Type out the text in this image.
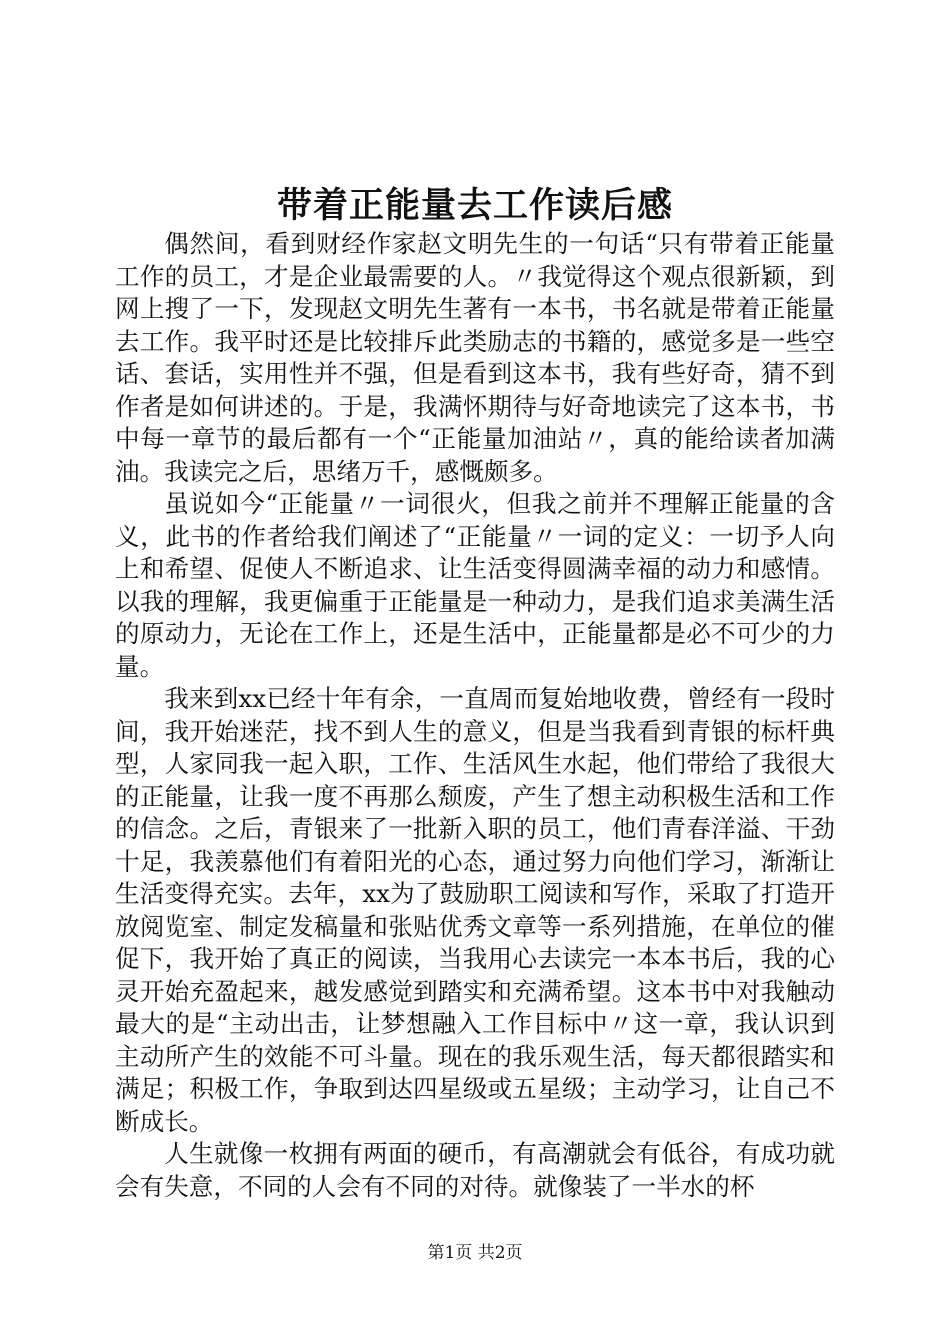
带着正能量去工作读后感

偶然间，看到财经作家赵文明先生的一句话“只有带着正能量工作的员工，才是企业最需要的人。〃我觉得这个观点很新颖，到网上搜了一下，发现赵文明先生著有一本书，书名就是带着正能量去工作。我平时还是比较排斥此类励志的书籍的，感觉多是一些空话、套话，实用性并不强，但是看到这本书，我有些好奇，猜不到作者是如何讲述的。于是，我满怀期待与好奇地读完了这本书，书中每一章节的最后都有一个“正能量加油站〃，真的能给读者加满油。我读完之后，思绪万千，感慨颇多。

虽说如今“正能量〃一词很火，但我之前并不理解正能量的含义，此书的作者给我们阐述了“正能量〃一词的定义：一切予人向上和希望、促使人不断追求、让生活变得圆满幸福的动力和感情。以我的理解，我更偏重于正能量是一种动力，是我们追求美满生活的原动力，无论在工作上，还是生活中，正能量都是必不可少的力量。

我来到xx已经十年有余，一直周而复始地收费，曾经有一段时间，我开始迷茫，找不到人生的意义，但是当我看到青银的标杆典型，人家同我一起入职，工作、生活风生水起，他们带给了我很大的正能量，让我一度不再那么颓废，产生了想主动积极生活和工作的信念。之后，青银来了一批新入职的员工，他们青春洋溢、干劲十足，我羡慕他们有着阳光的心态，通过努力向他们学习，渐渐让生活变得充实。去年，xx为了鼓励职工阅读和写作，采取了打造开放阅览室、制定发稿量和张贴优秀文章等一系列措施，在单位的催促下，我开始了真正的阅读，当我用心去读完一本本书后，我的心灵开始充盈起来，越发感觉到踏实和充满希望。这本书中对我触动最大的是“主动出击，让梦想融入工作目标中〃这一章，我认识到主动所产生的效能不可斗量。现在的我乐观生活，每天都很踏实和满足；积极工作，争取到达四星级或五星级；主动学习，让自己不断成长。

人生就像一枚拥有两面的硬币，有高潮就会有低谷，有成功就会有失意，不同的人会有不同的对待。就像装了一半水的杯

第1页 共2页
